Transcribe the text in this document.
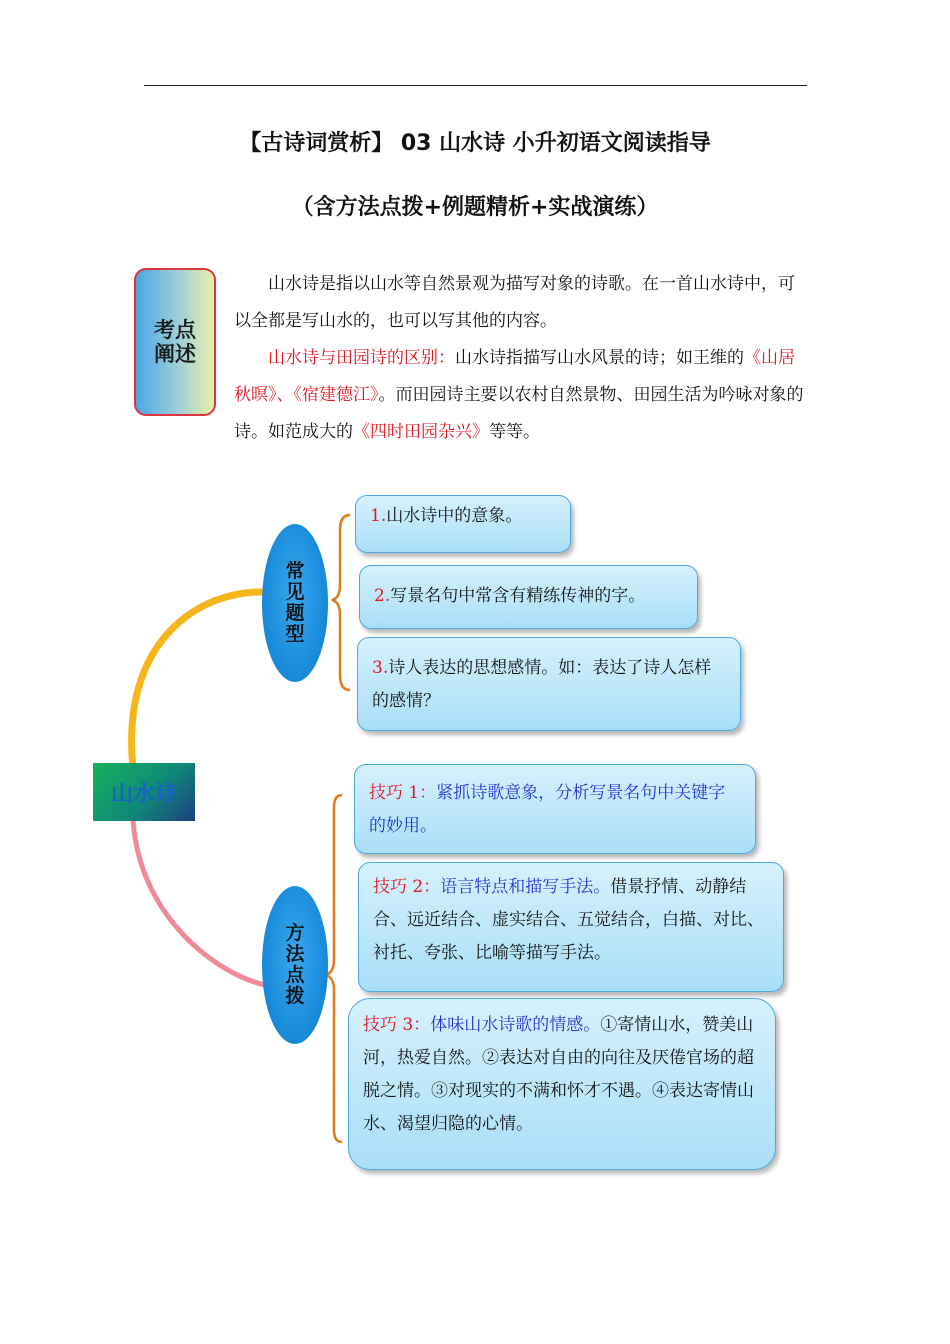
【古诗词赏析】 03 山水诗 小升初语文阅读指导
（含方法点拨+例题精析+实战演练）
考点
阐述

山水诗是指以山水等自然景观为描写对象的诗歌。在一首山水诗中，可以全都是写山水的，也可以写其他的内容。

山水诗与田园诗的区别：山水诗指描写山水风景的诗；如王维的《山居秋暝》、《宿建德江》。而田园诗主要以农村自然景物、田园生活为吟咏对象的诗。如范成大的《四时田园杂兴》等等。

山水诗
常
见
题
型
方
法
点
拨
1.山水诗中的意象。
2.写景名句中常含有精练传神的字。
3.诗人表达的思想感情。如：表达了诗人怎样的感情？
技巧 1：紧抓诗歌意象，分析写景名句中关键字的妙用。
技巧 2：语言特点和描写手法。借景抒情、动静结合、远近结合、虚实结合、五觉结合，白描、对比、衬托、夸张、比喻等描写手法。
技巧 3：体味山水诗歌的情感。①寄情山水，赞美山河，热爱自然。②表达对自由的向往及厌倦官场的超脱之情。③对现实的不满和怀才不遇。④表达寄情山水、渴望归隐的心情。
